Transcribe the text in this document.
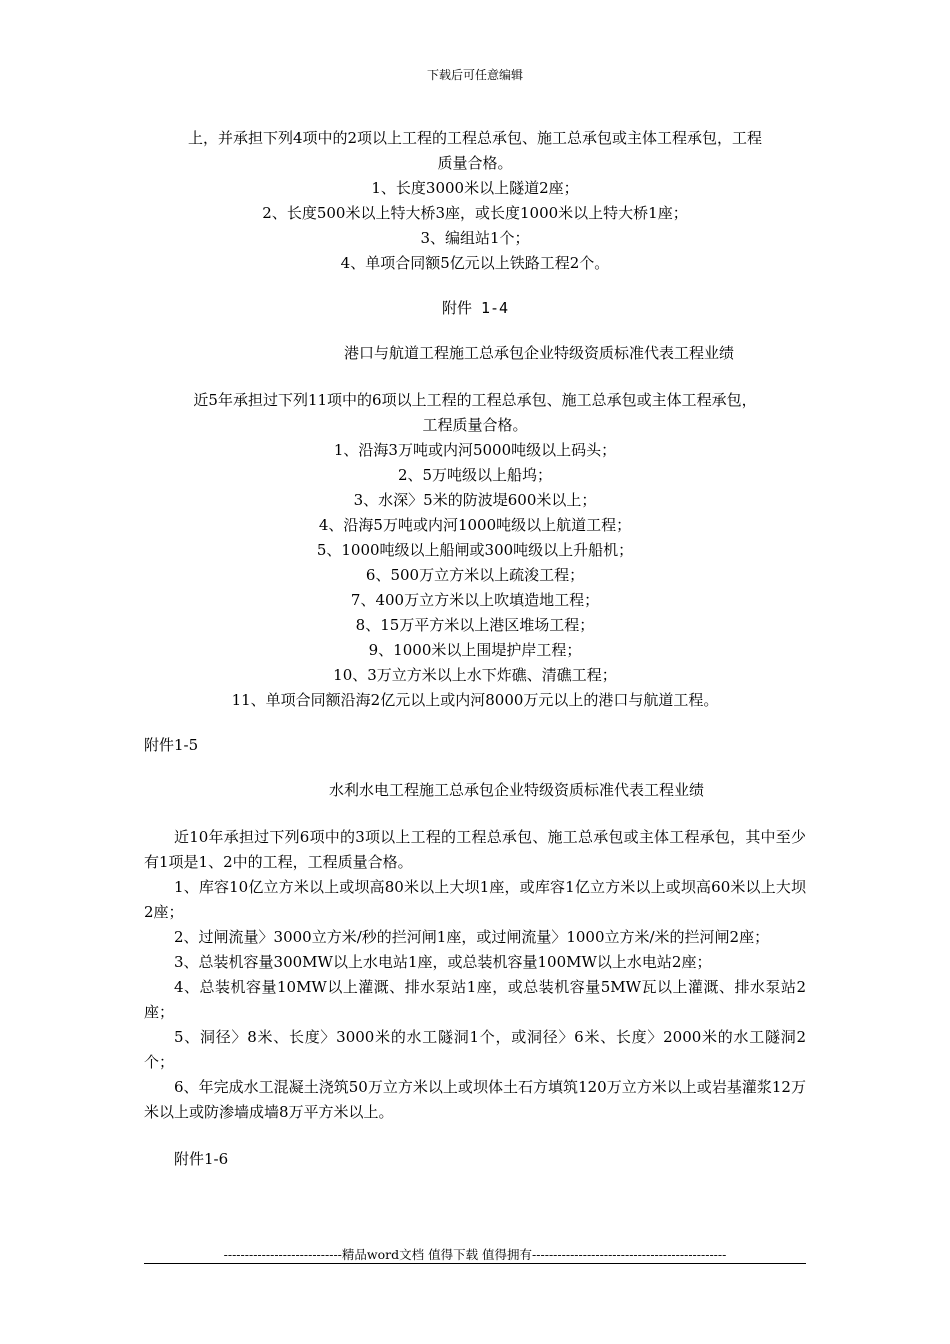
下载后可任意编辑
上，并承担下列4项中的2项以上工程的工程总承包、施工总承包或主体工程承包，工程
质量合格。
1、长度3000米以上隧道2座；
2、长度500米以上特大桥3座，或长度1000米以上特大桥1座；
3、编组站1个；
4、单项合同额5亿元以上铁路工程2个。
附件 1-4
港口与航道工程施工总承包企业特级资质标准代表工程业绩
近5年承担过下列11项中的6项以上工程的工程总承包、施工总承包或主体工程承包，
工程质量合格。
1、沿海3万吨或内河5000吨级以上码头；
2、5万吨级以上船坞；
3、水深〉5米的防波堤600米以上；
4、沿海5万吨或内河1000吨级以上航道工程；
5、1000吨级以上船闸或300吨级以上升船机；
6、500万立方米以上疏浚工程；
7、400万立方米以上吹填造地工程；
8、15万平方米以上港区堆场工程；
9、1000米以上围堤护岸工程；
10、3万立方米以上水下炸礁、清礁工程；
11、单项合同额沿海2亿元以上或内河8000万元以上的港口与航道工程。
附件1-5
水利水电工程施工总承包企业特级资质标准代表工程业绩
近10年承担过下列6项中的3项以上工程的工程总承包、施工总承包或主体工程承包，其中至少有1项是1、2中的工程，工程质量合格。
1、库容10亿立方米以上或坝高80米以上大坝1座，或库容1亿立方米以上或坝高60米以上大坝2座；
2、过闸流量〉3000立方米/秒的拦河闸1座，或过闸流量〉1000立方米/米的拦河闸2座；
3、总装机容量300MW以上水电站1座，或总装机容量100MW以上水电站2座；
4、总装机容量10MW以上灌溉、排水泵站1座，或总装机容量5MW瓦以上灌溉、排水泵站2座；
5、洞径〉8米、长度〉3000米的水工隧洞1个，或洞径〉6米、长度〉2000米的水工隧洞2个；
6、年完成水工混凝土浇筑50万立方米以上或坝体土石方填筑120万立方米以上或岩基灌浆12万米以上或防渗墙成墙8万平方米以上。
附件1-6
----------------------------精品word文档 值得下载 值得拥有----------------------------------------------
